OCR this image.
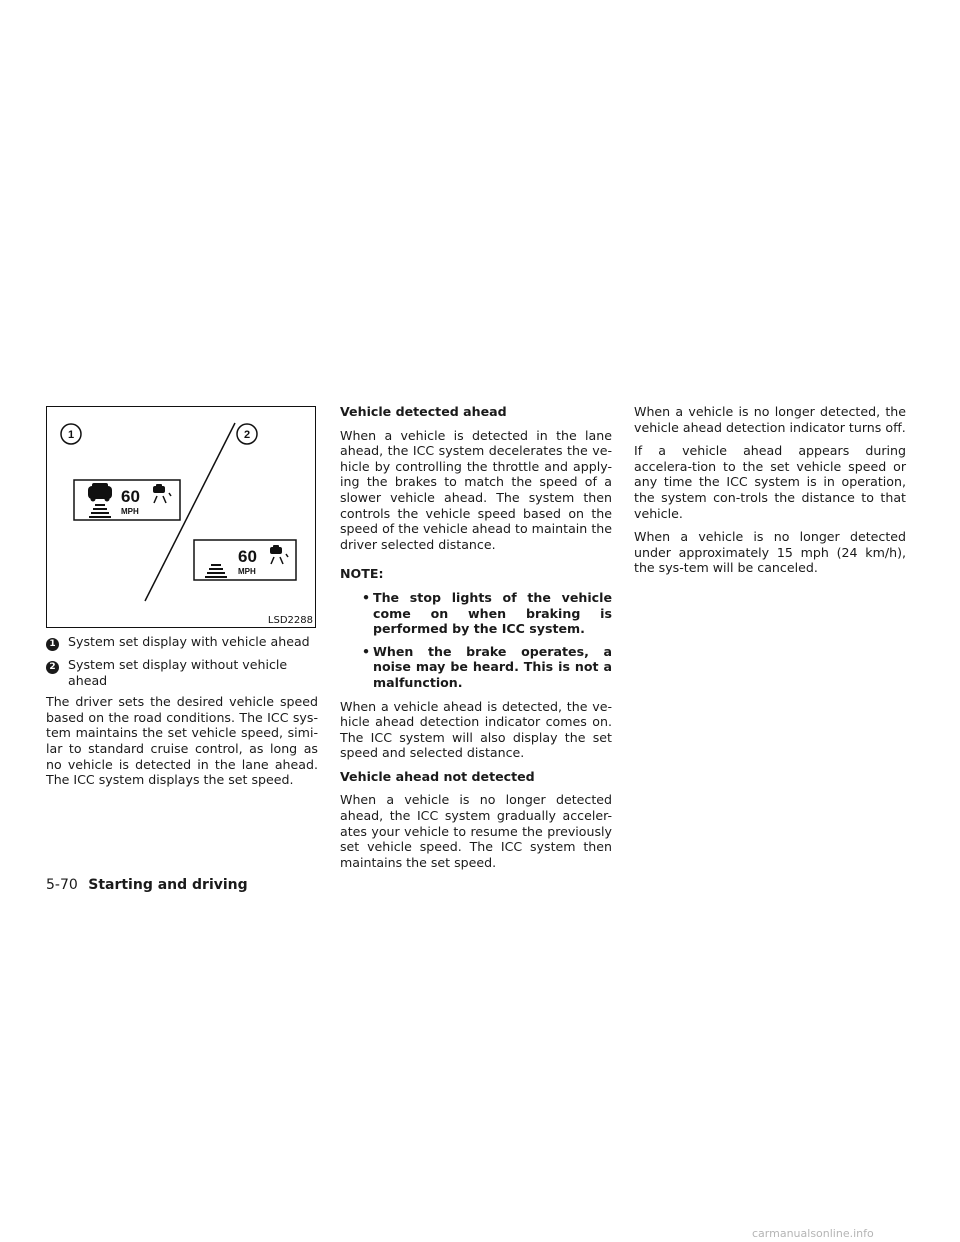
1	2
60
MPH
60
MPH
LSD2288
1 System set display with vehicle ahead
2 System set display without vehicle ahead

The driver sets the desired vehicle speed based on the road conditions. The ICC sys-tem maintains the set vehicle speed, simi-lar to standard cruise control, as long as no vehicle is detected in the lane ahead. The ICC system displays the set speed.

Vehicle detected ahead

When a vehicle is detected in the lane ahead, the ICC system decelerates the ve-hicle by controlling the throttle and apply-ing the brakes to match the speed of a slower vehicle ahead. The system then controls the vehicle speed based on the speed of the vehicle ahead to maintain the driver selected distance.

NOTE:
• The stop lights of the vehicle come on when braking is performed by the ICC system.
• When the brake operates, a noise may be heard. This is not a malfunction.

When a vehicle ahead is detected, the ve-hicle ahead detection indicator comes on. The ICC system will also display the set speed and selected distance.

Vehicle ahead not detected

When a vehicle is no longer detected ahead, the ICC system gradually acceler-ates your vehicle to resume the previously set vehicle speed. The ICC system then maintains the set speed.

When a vehicle is no longer detected, the vehicle ahead detection indicator turns off.

If a vehicle ahead appears during accelera-tion to the set vehicle speed or any time the ICC system is in operation, the system con-trols the distance to that vehicle.

When a vehicle is no longer detected under approximately 15 mph (24 km/h), the sys-tem will be canceled.

5-70 Starting and driving
carmanualsonline.info
